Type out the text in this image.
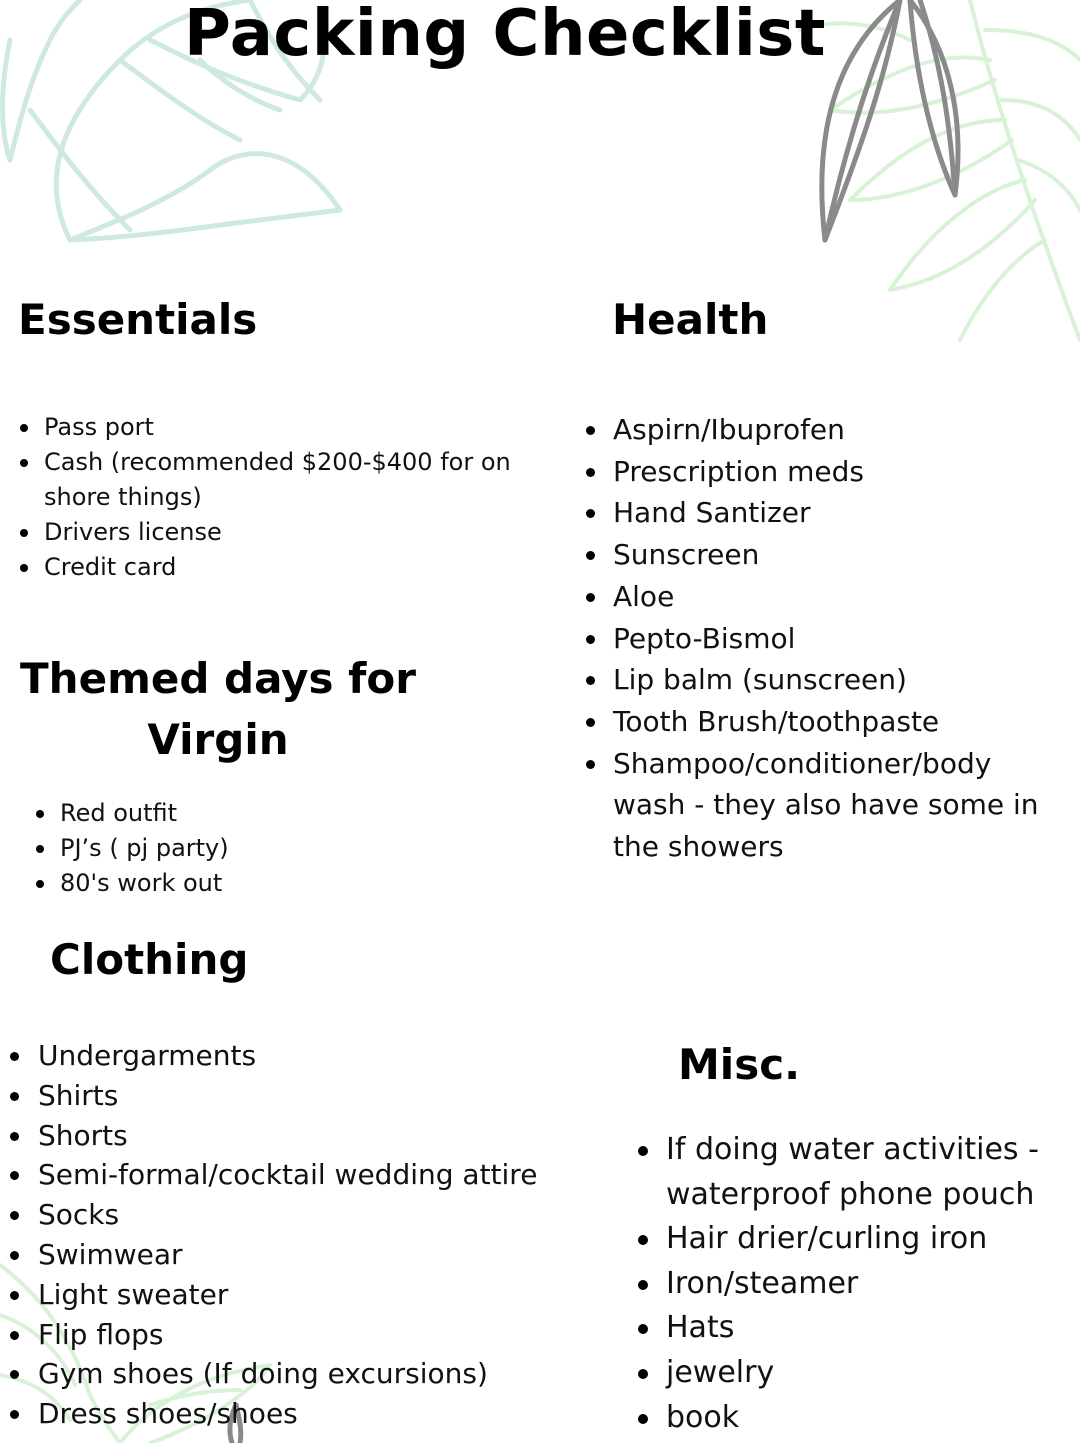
Packing Checklist
Essentials
Pass port
Cash (recommended $200-$400 for on shore things)
Drivers license
Credit card
Themed days for
Virgin
Red outfit
PJ’s ( pj party)
80's work out
Clothing
Undergarments
Shirts
Shorts
Semi-formal/cocktail wedding attire
Socks
Swimwear
Light sweater
Flip flops
Gym shoes (If doing excursions)
Dress shoes/shoes
Health
Aspirn/Ibuprofen
Prescription meds
Hand Santizer
Sunscreen
Aloe
Pepto-Bismol
Lip balm (sunscreen)
Tooth Brush/toothpaste
Shampoo/conditioner/body wash - they also have some in the showers
Misc.
If doing water activities - waterproof phone pouch
Hair drier/curling iron
Iron/steamer
Hats
jewelry
book
